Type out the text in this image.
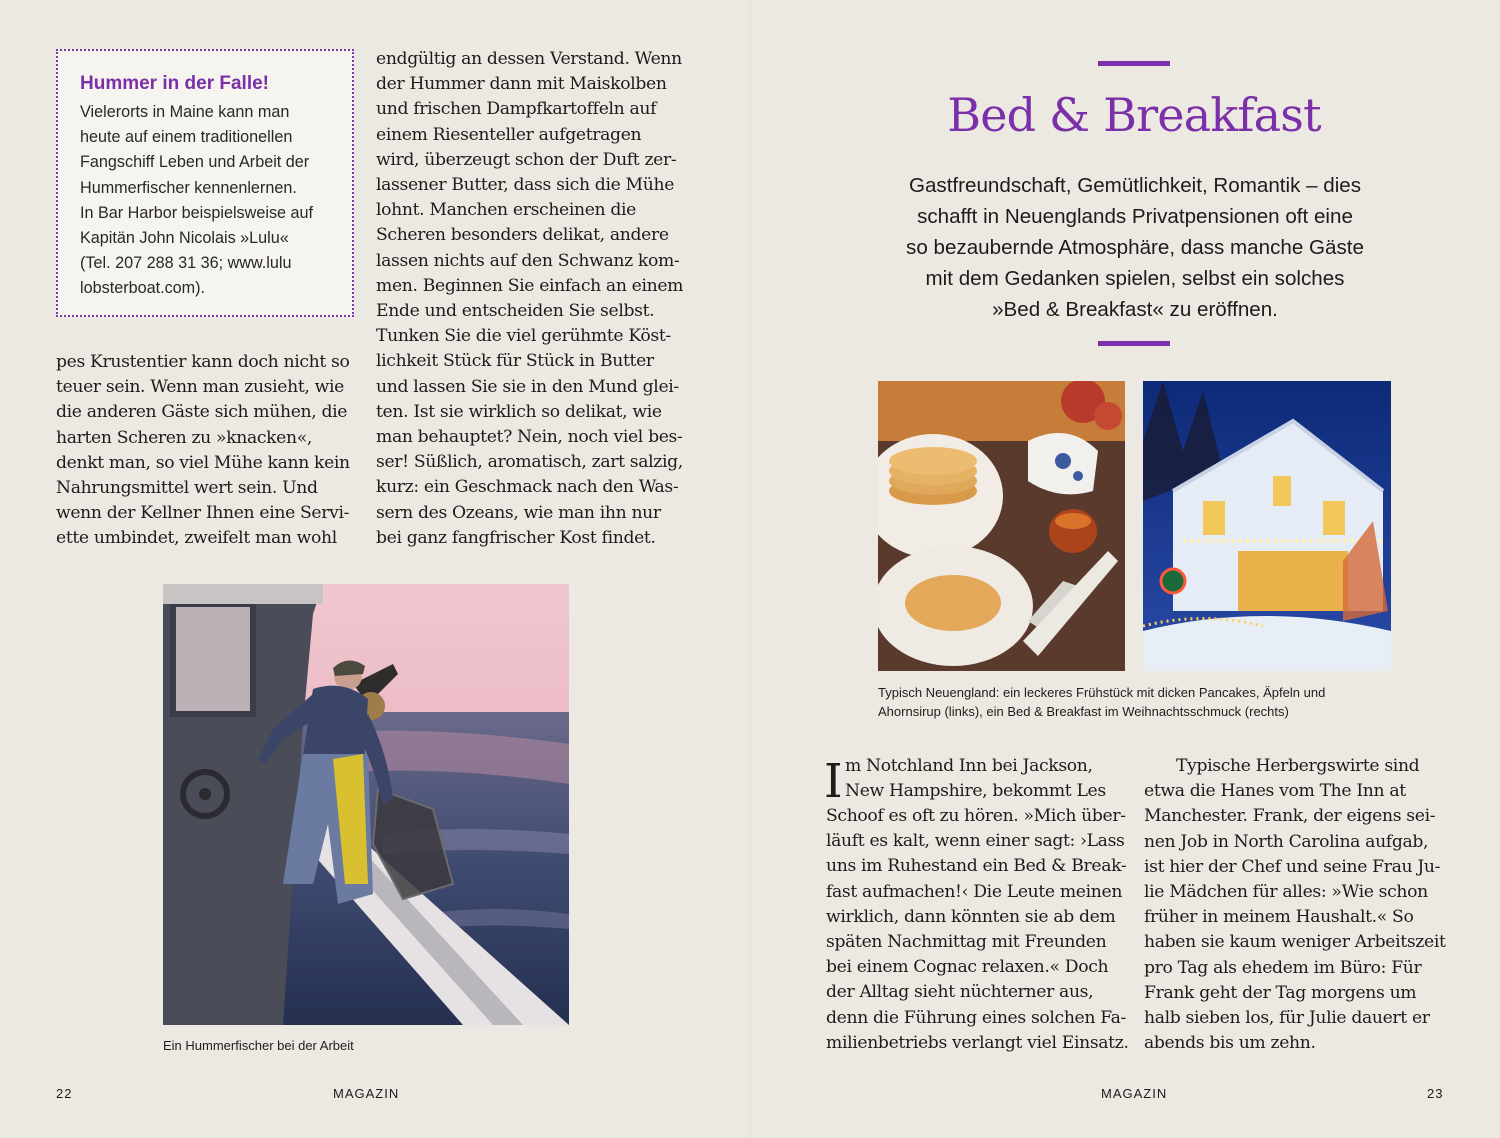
Hummer in der Falle!
Vielerorts in Maine kann man
heute auf einem traditionellen
Fangschiff Leben und Arbeit der
Hummerfischer kennenlernen.
In Bar Harbor beispielsweise auf
Kapitän John Nicolais »Lulu«
(Tel. 207 288 31 36; www.lulu
lobsterboat.com).
pes Krustentier kann doch nicht so
teuer sein. Wenn man zusieht, wie
die anderen Gäste sich mühen, die
harten Scheren zu »knacken«,
denkt man, so viel Mühe kann kein
Nahrungsmittel wert sein. Und
wenn der Kellner Ihnen eine Servi-
ette umbindet, zweifelt man wohl
endgültig an dessen Verstand. Wenn
der Hummer dann mit Maiskolben
und frischen Dampfkartoffeln auf
einem Riesenteller aufgetragen
wird, überzeugt schon der Duft zer-
lassener Butter, dass sich die Mühe
lohnt. Manchen erscheinen die
Scheren besonders delikat, andere
lassen nichts auf den Schwanz kom-
men. Beginnen Sie einfach an einem
Ende und entscheiden Sie selbst.
Tunken Sie die viel gerühmte Köst-
lichkeit Stück für Stück in Butter
und lassen Sie sie in den Mund glei-
ten. Ist sie wirklich so delikat, wie
man behauptet? Nein, noch viel bes-
ser! Süßlich, aromatisch, zart salzig,
kurz: ein Geschmack nach den Was-
sern des Ozeans, wie man ihn nur
bei ganz fangfrischer Kost findet.
Ein Hummerfischer bei der Arbeit
Bed & Breakfast
Gastfreundschaft, Gemütlichkeit, Romantik – dies
schafft in Neuenglands Privatpensionen oft eine
so bezaubernde Atmosphäre, dass manche Gäste
mit dem Gedanken spielen, selbst ein solches
»Bed & Breakfast« zu eröffnen.
Typisch Neuengland: ein leckeres Frühstück mit dicken Pancakes, Äpfeln und
Ahornsirup (links), ein Bed & Breakfast im Weihnachtsschmuck (rechts)
I m Notchland Inn bei Jackson,
New Hampshire, bekommt Les
Schoof es oft zu hören. »Mich über-
läuft es kalt, wenn einer sagt: ›Lass
uns im Ruhestand ein Bed & Break-
fast aufmachen!‹ Die Leute meinen
wirklich, dann könnten sie ab dem
späten Nachmittag mit Freunden
bei einem Cognac relaxen.« Doch
der Alltag sieht nüchterner aus,
denn die Führung eines solchen Fa-
milienbetriebs verlangt viel Einsatz.
Typische Herbergswirte sind
etwa die Hanes vom The Inn at
Manchester. Frank, der eigens sei-
nen Job in North Carolina aufgab,
ist hier der Chef und seine Frau Ju-
lie Mädchen für alles: »Wie schon
früher in meinem Haushalt.« So
haben sie kaum weniger Arbeitszeit
pro Tag als ehedem im Büro: Für
Frank geht der Tag morgens um
halb sieben los, für Julie dauert er
abends bis um zehn.
22	MAGAZIN	MAGAZIN	23
